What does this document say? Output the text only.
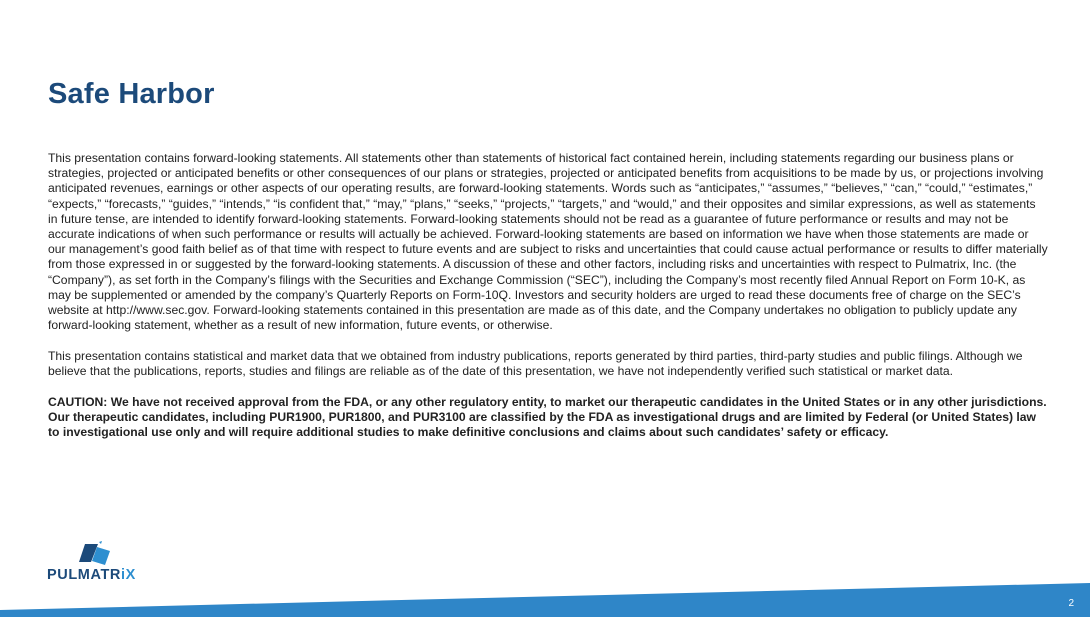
Safe Harbor

This presentation contains forward-looking statements. All statements other than statements of historical fact contained herein, including statements regarding our business plans or strategies, projected or anticipated benefits or other consequences of our plans or strategies, projected or anticipated benefits from acquisitions to be made by us, or projections involving anticipated revenues, earnings or other aspects of our operating results, are forward-looking statements. Words such as “anticipates,” “assumes,” “believes,” “can,” “could,” “estimates,” “expects,” “forecasts,” “guides,” “intends,” “is confident that,” “may,” “plans,” “seeks,” “projects,” “targets,” and “would,” and their opposites and similar expressions, as well as statements in future tense, are intended to identify forward-looking statements. Forward-looking statements should not be read as a guarantee of future performance or results and may not be accurate indications of when such performance or results will actually be achieved. Forward-looking statements are based on information we have when those statements are made or our management’s good faith belief as of that time with respect to future events and are subject to risks and uncertainties that could cause actual performance or results to differ materially from those expressed in or suggested by the forward-looking statements. A discussion of these and other factors, including risks and uncertainties with respect to Pulmatrix, Inc. (the “Company”), as set forth in the Company’s filings with the Securities and Exchange Commission (“SEC”), including the Company’s most recently filed Annual Report on Form 10-K, as may be supplemented or amended by the company’s Quarterly Reports on Form-10Q. Investors and security holders are urged to read these documents free of charge on the SEC’s website at http://www.sec.gov. Forward-looking statements contained in this presentation are made as of this date, and the Company undertakes no obligation to publicly update any forward-looking statement, whether as a result of new information, future events, or otherwise.

This presentation contains statistical and market data that we obtained from industry publications, reports generated by third parties, third-party studies and public filings. Although we believe that the publications, reports, studies and filings are reliable as of the date of this presentation, we have not independently verified such statistical or market data.

CAUTION: We have not received approval from the FDA, or any other regulatory entity, to market our therapeutic candidates in the United States or in any other jurisdictions. Our therapeutic candidates, including PUR1900, PUR1800, and PUR3100 are classified by the FDA as investigational drugs and are limited by Federal (or United States) law to investigational use only and will require additional studies to make definitive conclusions and claims about such candidates’ safety or efficacy.

PULMATRiX
2
